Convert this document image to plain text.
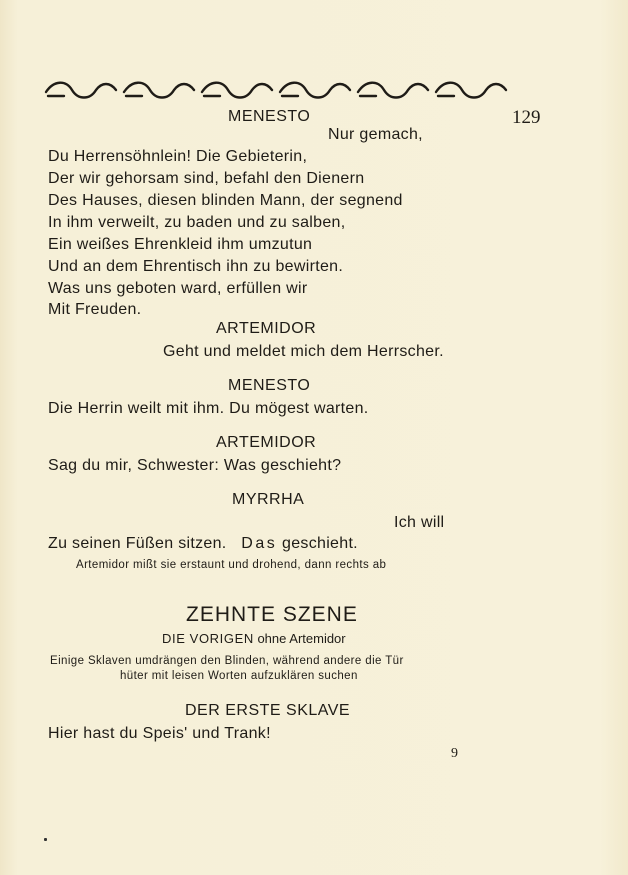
MENESTO	129
Nur gemach,
Du Herrensöhnlein! Die Gebieterin,
Der wir gehorsam sind, befahl den Dienern
Des Hauses, diesen blinden Mann, der segnend
In ihm verweilt, zu baden und zu salben,
Ein weißes Ehrenkleid ihm umzutun
Und an dem Ehrentisch ihn zu bewirten.
Was uns geboten ward, erfüllen wir
Mit Freuden.
ARTEMIDOR
Geht und meldet mich dem Herrscher.
MENESTO
Die Herrin weilt mit ihm. Du mögest warten.
ARTEMIDOR
Sag du mir, Schwester: Was geschieht?
MYRRHA
Ich will
Zu seinen Füßen sitzen. Das geschieht.
Artemidor mißt sie erstaunt und drohend, dann rechts ab
ZEHNTE SZENE
DIE VORIGEN ohne Artemidor
Einige Sklaven umdrängen den Blinden, während andere die Tür
hüter mit leisen Worten aufzuklären suchen
DER ERSTE SKLAVE
Hier hast du Speis' und Trank!
9
